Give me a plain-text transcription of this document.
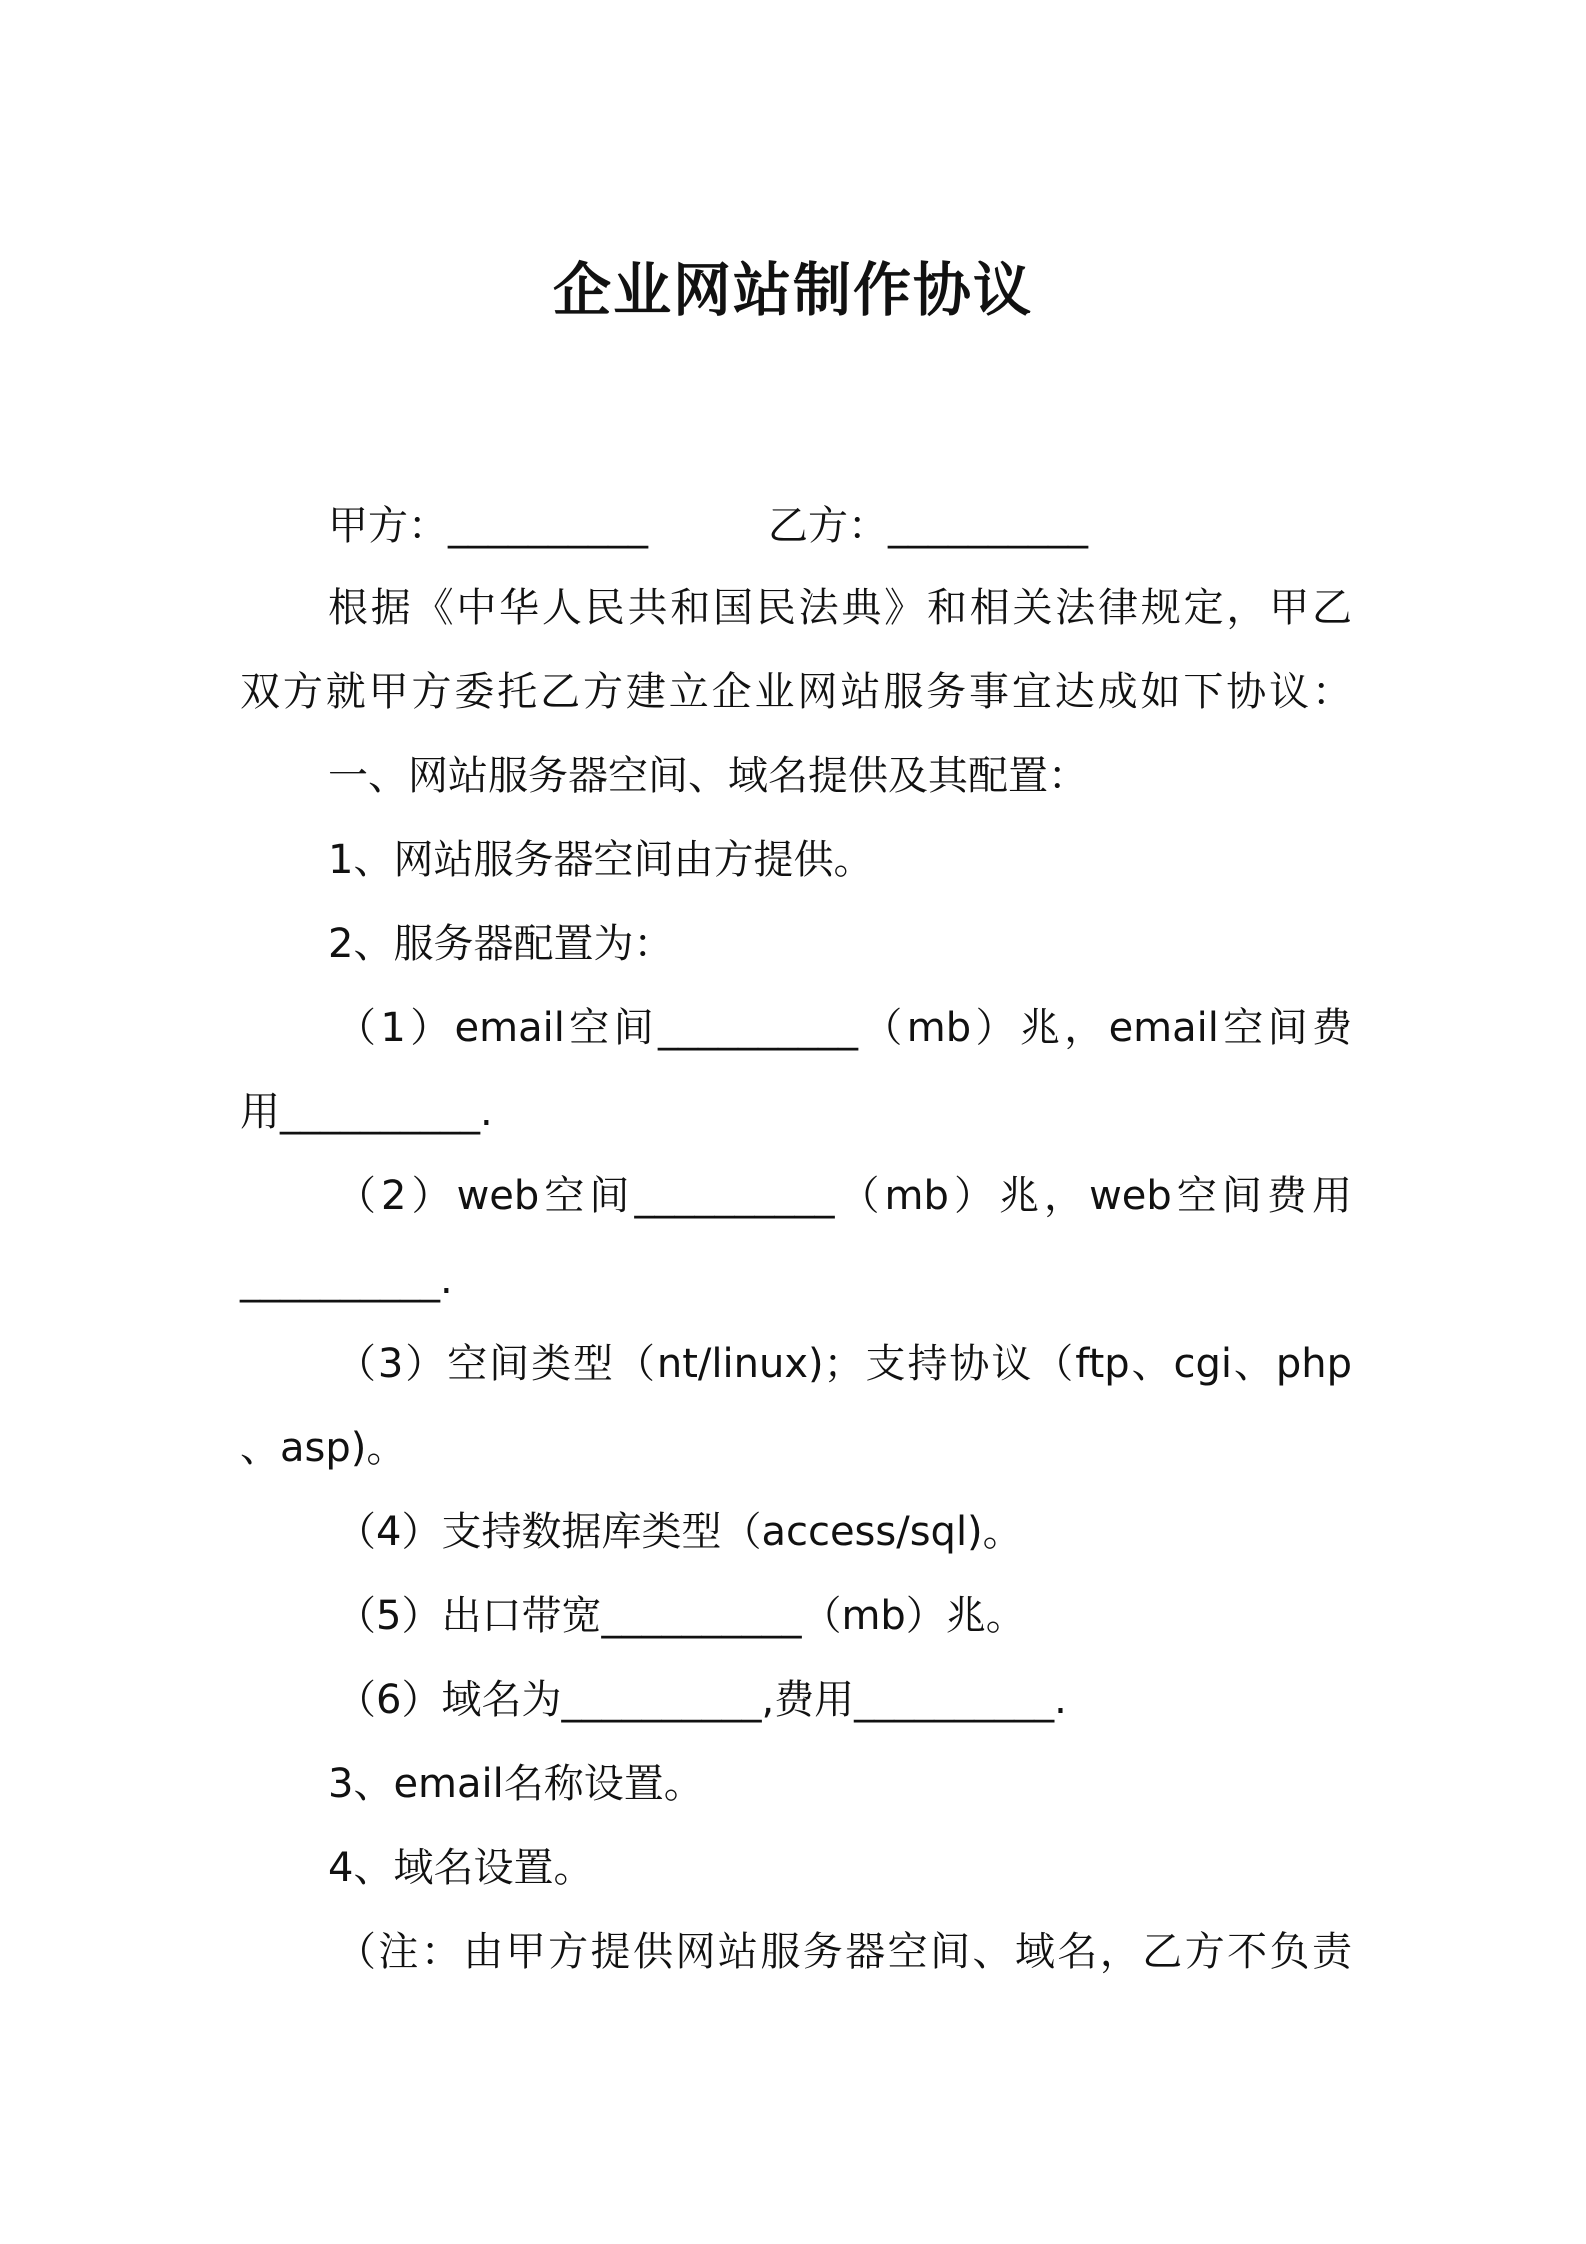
企业网站制作协议
甲方：__________　　　乙方：__________
根据《中华人民共和国民法典》和相关法律规定，甲乙
双方就甲方委托乙方建立企业网站服务事宜达成如下协议：
一、网站服务器空间、域名提供及其配置：
1、网站服务器空间由方提供。
2、服务器配置为：
（1）email空间__________（mb）兆，email空间费
用__________.
（2）web空间__________（mb）兆，web空间费用
__________.
（3）空间类型（nt/linux)；支持协议（ftp、cgi、php
、asp)。
（4）支持数据库类型（access/sql)。
（5）出口带宽__________（mb）兆。
（6）域名为__________,费用__________.
3、email名称设置。
4、域名设置。
（注：由甲方提供网站服务器空间、域名，乙方不负责
